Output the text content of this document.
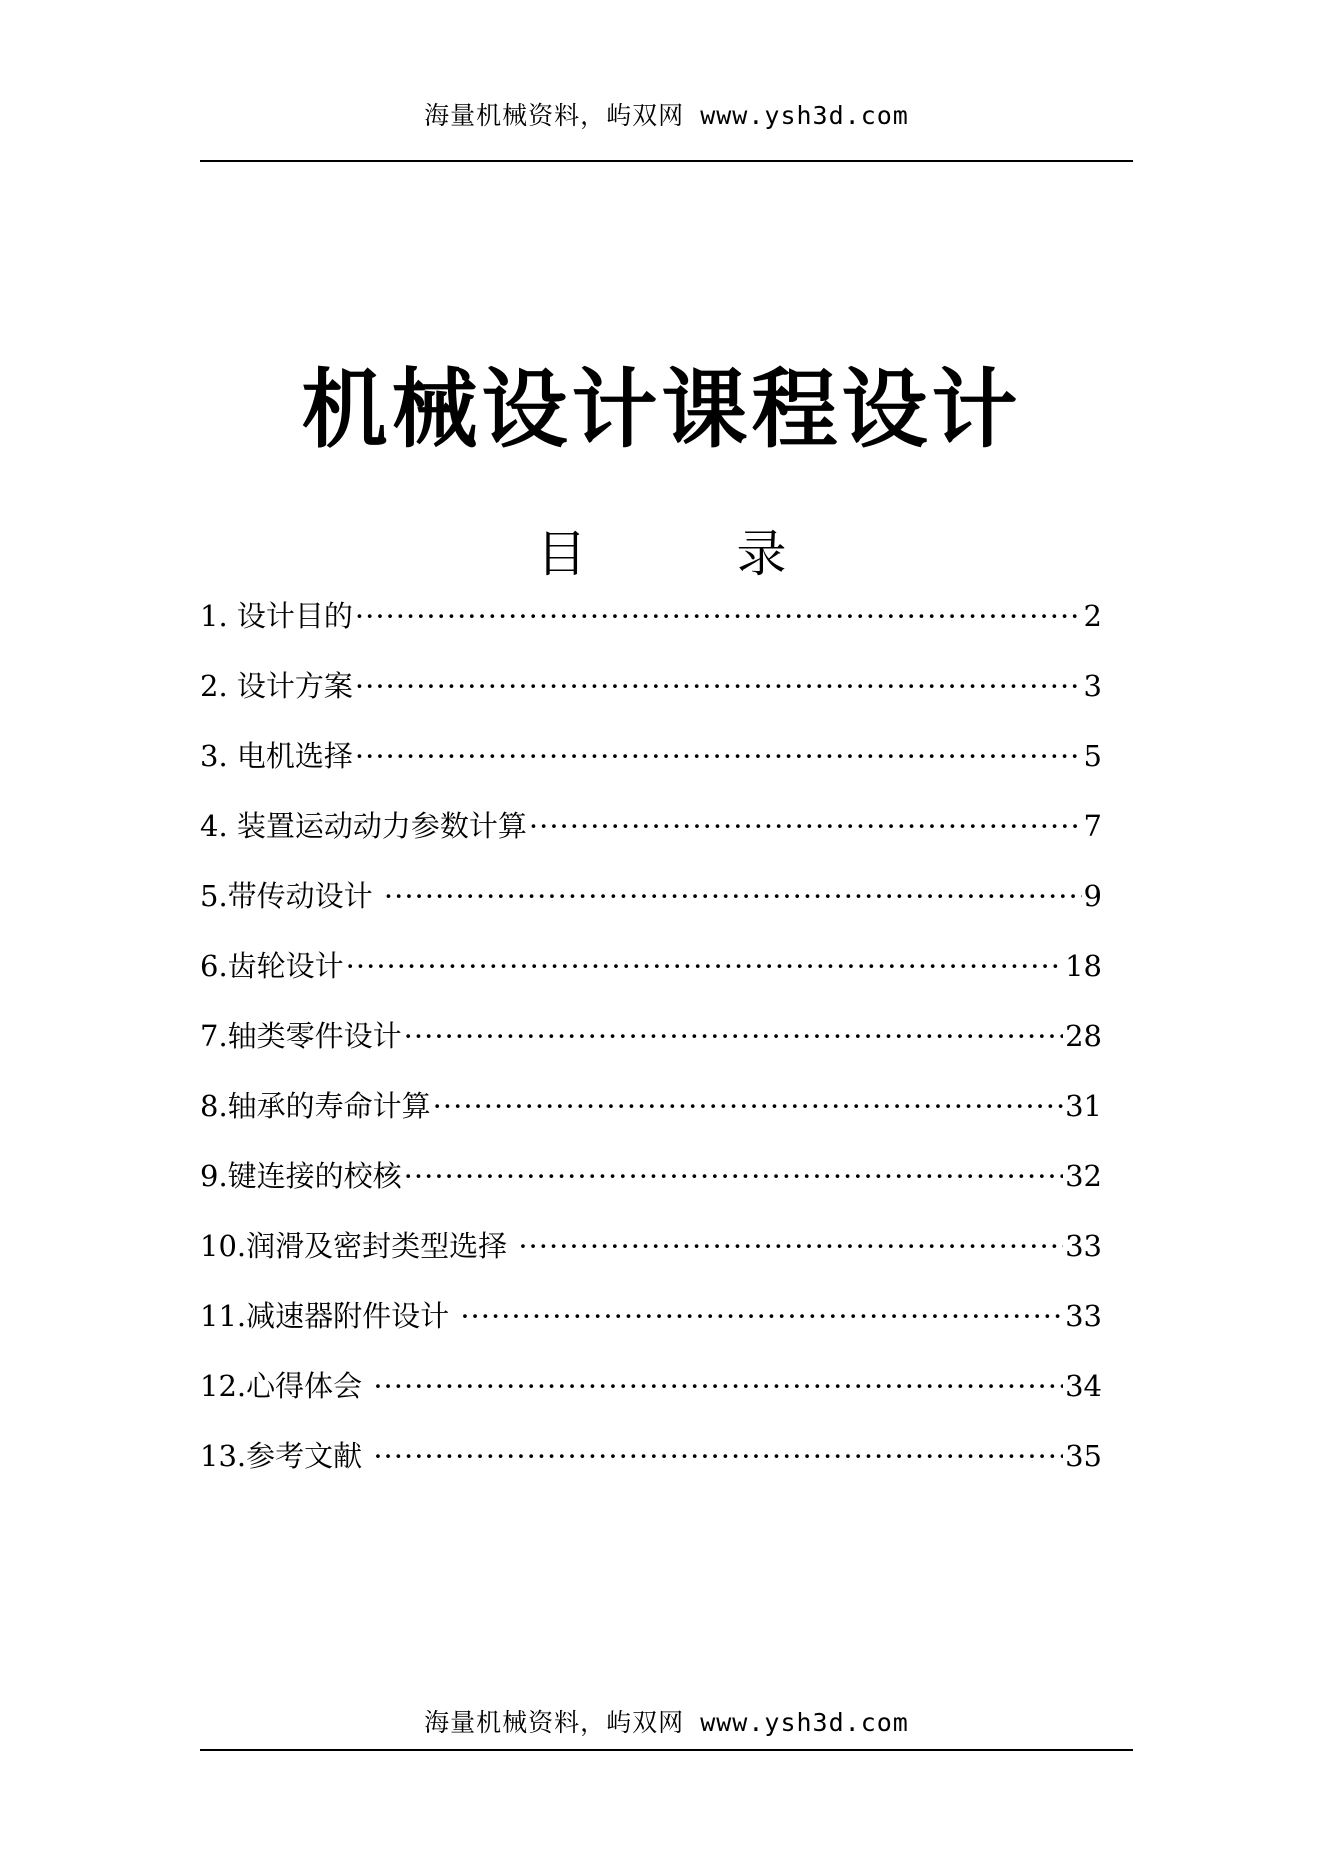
海量机械资料，屿双网 www.ysh3d.com
机械设计课程设计
目	录
1. 设计目的 ·····	2
2. 设计方案 ·····	3
3. 电机选择 ·····	5
4. 装置运动动力参数计算 ·····	7
5.带传动设计 ·····	9
6.齿轮设计 ·····	18
7.轴类零件设计 ·····	28
8.轴承的寿命计算 ·····	31
9.键连接的校核 ·····	32
10.润滑及密封类型选择 ·····	33
11.减速器附件设计 ·····	33
12.心得体会 ·····	34
13.参考文献 ·····	35
海量机械资料，屿双网 www.ysh3d.com
